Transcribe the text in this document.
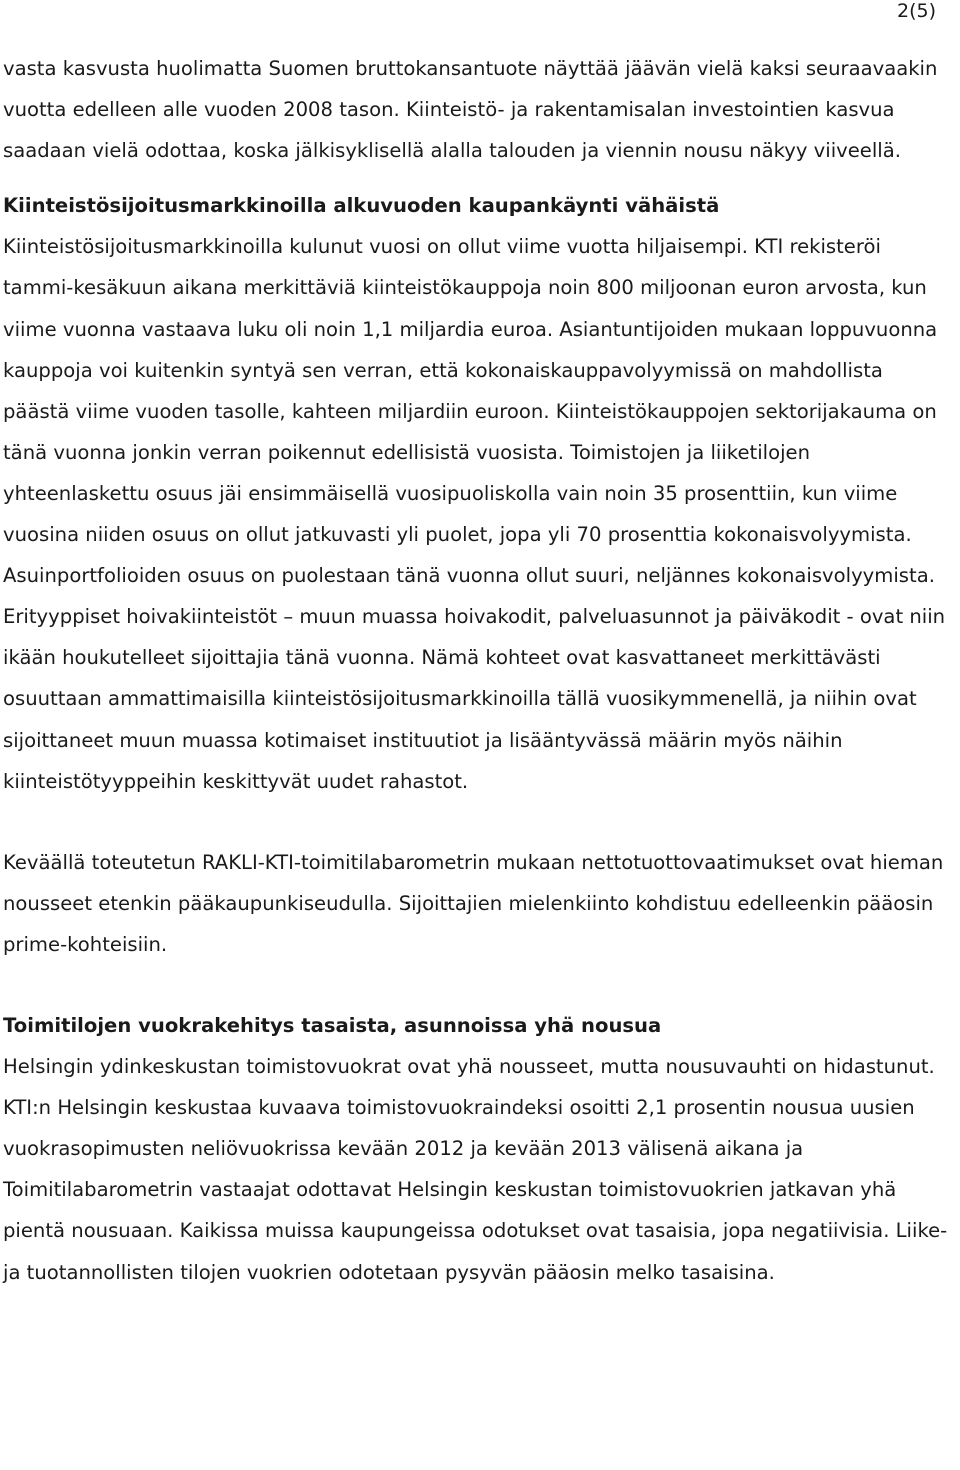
2(5)

vasta kasvusta huolimatta Suomen bruttokansantuote näyttää jäävän vielä kaksi seuraavaakin vuotta edelleen alle vuoden 2008 tason. Kiinteistö- ja rakentamisalan investointien kasvua saadaan vielä odottaa, koska jälkisyklisellä alalla talouden ja viennin nousu näkyy viiveellä.

Kiinteistösijoitusmarkkinoilla alkuvuoden kaupankäynti vähäistä

Kiinteistösijoitusmarkkinoilla kulunut vuosi on ollut viime vuotta hiljaisempi. KTI rekisteröi tammi-kesäkuun aikana merkittäviä kiinteistökauppoja noin 800 miljoonan euron arvosta, kun viime vuonna vastaava luku oli noin 1,1 miljardia euroa. Asiantuntijoiden mukaan loppuvuonna kauppoja voi kuitenkin syntyä sen verran, että kokonaiskauppavolyymissä on mahdollista päästä viime vuoden tasolle, kahteen miljardiin euroon. Kiinteistökauppojen sektorijakauma on tänä vuonna jonkin verran poikennut edellisistä vuosista. Toimistojen ja liiketilojen yhteenlaskettu osuus jäi ensimmäisellä vuosipuoliskolla vain noin 35 prosenttiin, kun viime vuosina niiden osuus on ollut jatkuvasti yli puolet, jopa yli 70 prosenttia kokonaisvolyymista. Asuinportfolioiden osuus on puolestaan tänä vuonna ollut suuri, neljännes kokonaisvolyymista. Erityyppiset hoivakiinteistöt – muun muassa hoivakodit, palveluasunnot ja päiväkodit - ovat niin ikään houkutelleet sijoittajia tänä vuonna. Nämä kohteet ovat kasvattaneet merkittävästi osuuttaan ammattimaisilla kiinteistösijoitusmarkkinoilla tällä vuosikymmenellä, ja niihin ovat sijoittaneet muun muassa kotimaiset instituutiot ja lisääntyvässä määrin myös näihin kiinteistötyyppeihin keskittyvät uudet rahastot.

Keväällä toteutetun RAKLI-KTI-toimitilabarometrin mukaan nettotuottovaatimukset ovat hieman nousseet etenkin pääkaupunkiseudulla. Sijoittajien mielenkiinto kohdistuu edelleenkin pääosin prime-kohteisiin.

Toimitilojen vuokrakehitys tasaista, asunnoissa yhä nousua

Helsingin ydinkeskustan toimistovuokrat ovat yhä nousseet, mutta nousuvauhti on hidastunut. KTI:n Helsingin keskustaa kuvaava toimistovuokraindeksi osoitti 2,1 prosentin nousua uusien vuokrasopimusten neliövuokrissa kevään 2012 ja kevään 2013 välisenä aikana ja Toimitilabarometrin vastaajat odottavat Helsingin keskustan toimistovuokrien jatkavan yhä pientä nousuaan. Kaikissa muissa kaupungeissa odotukset ovat tasaisia, jopa negatiivisia. Liike- ja tuotannollisten tilojen vuokrien odotetaan pysyvän pääosin melko tasaisina.
